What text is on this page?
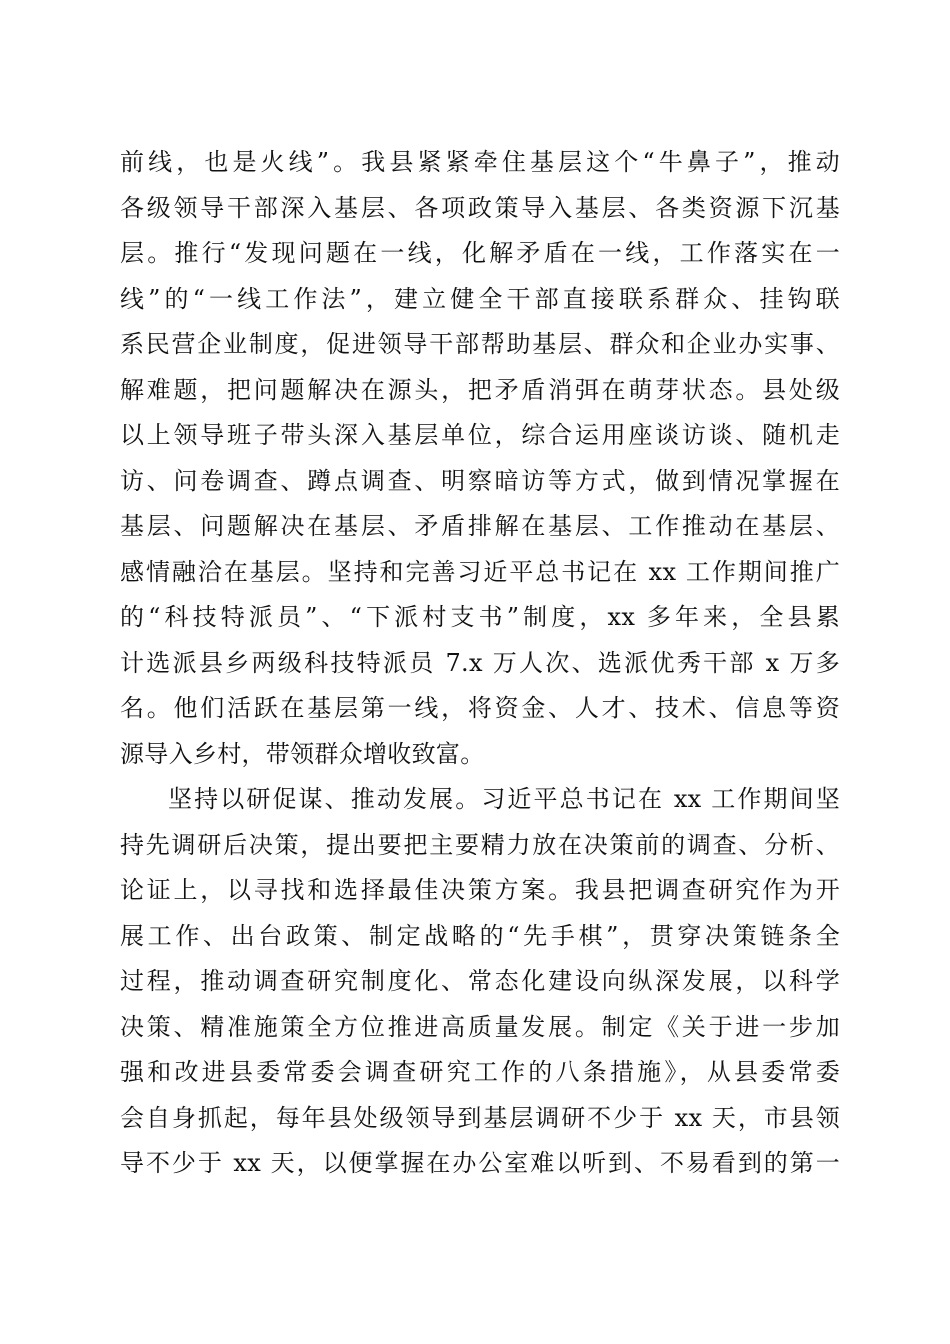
前线，也是火线”。我县紧紧牵住基层这个“牛鼻子”，推动
各级领导干部深入基层、各项政策导入基层、各类资源下沉基
层。推行“发现问题在一线，化解矛盾在一线，工作落实在一
线”的“一线工作法”，建立健全干部直接联系群众、挂钩联
系民营企业制度，促进领导干部帮助基层、群众和企业办实事、
解难题，把问题解决在源头，把矛盾消弭在萌芽状态。县处级
以上领导班子带头深入基层单位，综合运用座谈访谈、随机走
访、问卷调查、蹲点调查、明察暗访等方式，做到情况掌握在
基层、问题解决在基层、矛盾排解在基层、工作推动在基层、
感情融洽在基层。坚持和完善习近平总书记在 xx 工作期间推广
的“科技特派员”、“下派村支书”制度，xx 多年来，全县累
计选派县乡两级科技特派员 7.x 万人次、选派优秀干部 x 万多
名。他们活跃在基层第一线，将资金、人才、技术、信息等资
源导入乡村，带领群众增收致富。
坚持以研促谋、推动发展。习近平总书记在 xx 工作期间坚
持先调研后决策，提出要把主要精力放在决策前的调查、分析、
论证上，以寻找和选择最佳决策方案。我县把调查研究作为开
展工作、出台政策、制定战略的“先手棋”，贯穿决策链条全
过程，推动调查研究制度化、常态化建设向纵深发展，以科学
决策、精准施策全方位推进高质量发展。制定《关于进一步加
强和改进县委常委会调查研究工作的八条措施》，从县委常委
会自身抓起，每年县处级领导到基层调研不少于 xx 天，市县领
导不少于 xx 天，以便掌握在办公室难以听到、不易看到的第一
